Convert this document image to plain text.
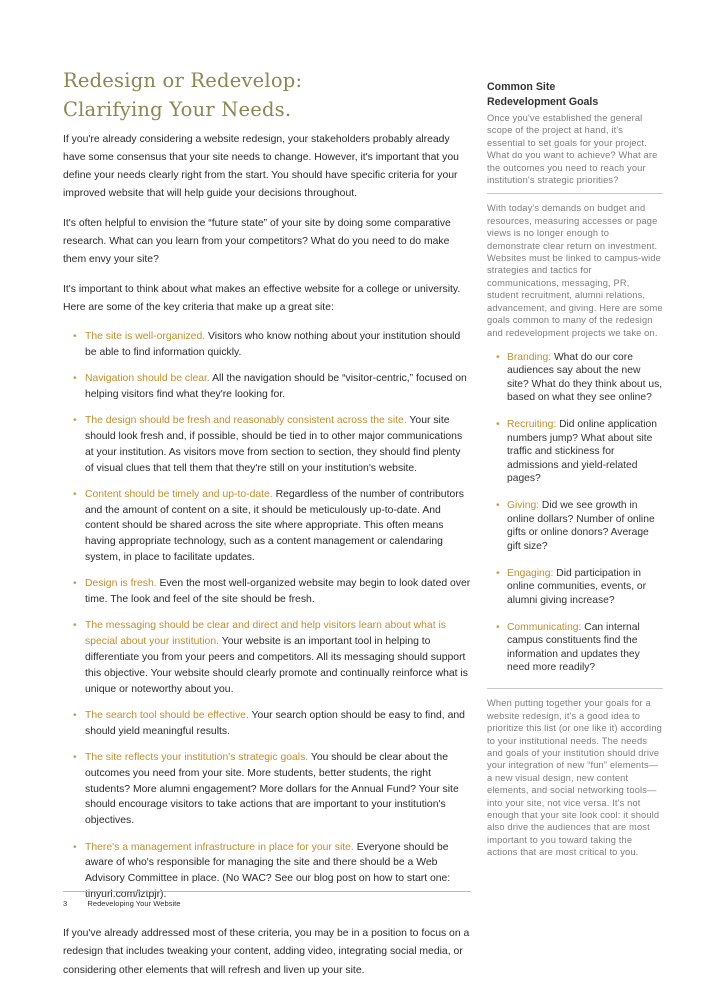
Redesign or Redevelop:
Clarifying Your Needs.

If you're already considering a website redesign, your stakeholders probably already have some consensus that your site needs to change. However, it's important that you define your needs clearly right from the start. You should have specific criteria for your improved website that will help guide your decisions throughout.

It's often helpful to envision the “future state” of your site by doing some comparative research. What can you learn from your competitors? What do you need to do make them envy your site?

It's important to think about what makes an effective website for a college or university. Here are some of the key criteria that make up a great site:

• The site is well-organized. Visitors who know nothing about your institution should be able to find information quickly.
• Navigation should be clear. All the navigation should be “visitor-centric,” focused on helping visitors find what they're looking for.
• The design should be fresh and reasonably consistent across the site. Your site should look fresh and, if possible, should be tied in to other major communications at your institution. As visitors move from section to section, they should find plenty of visual clues that tell them that they're still on your institution's website.
• Content should be timely and up-to-date. Regardless of the number of contributors and the amount of content on a site, it should be meticulously up-to-date. And content should be shared across the site where appropriate. This often means having appropriate technology, such as a content management or calendaring system, in place to facilitate updates.
• Design is fresh. Even the most well-organized website may begin to look dated over time. The look and feel of the site should be fresh.
• The messaging should be clear and direct and help visitors learn about what is special about your institution. Your website is an important tool in helping to differentiate you from your peers and competitors. All its messaging should support this objective. Your website should clearly promote and continually reinforce what is unique or noteworthy about you.
• The search tool should be effective. Your search option should be easy to find, and should yield meaningful results.
• The site reflects your institution's strategic goals. You should be clear about the outcomes you need from your site. More students, better students, the right students? More alumni engagement? More dollars for the Annual Fund? Your site should encourage visitors to take actions that are important to your institution's objectives.
• There's a management infrastructure in place for your site. Everyone should be aware of who's responsible for managing the site and there should be a Web Advisory Committee in place. (No WAC? See our blog post on how to start one: tinyurl.com/lztpjr).

If you've already addressed most of these criteria, you may be in a position to focus on a redesign that includes tweaking your content, adding video, integrating social media, or considering other elements that will refresh and liven up your site.

Common Site
Redevelopment Goals

Once you've established the general scope of the project at hand, it's essential to set goals for your project. What do you want to achieve? What are the outcomes you need to reach your institution's strategic priorities?

With today's demands on budget and resources, measuring accesses or page views is no longer enough to demonstrate clear return on investment. Websites must be linked to campus-wide strategies and tactics for communications, messaging, PR, student recruitment, alumni relations, advancement, and giving. Here are some goals common to many of the redesign and redevelopment projects we take on.

• Branding: What do our core audiences say about the new site? What do they think about us, based on what they see online?
• Recruiting: Did online application numbers jump? What about site traffic and stickiness for admissions and yield-related pages?
• Giving: Did we see growth in online dollars? Number of online gifts or online donors? Average gift size?
• Engaging: Did participation in online communities, events, or alumni giving increase?
• Communicating: Can internal campus constituents find the information and updates they need more readily?

When putting together your goals for a website redesign, it's a good idea to prioritize this list (or one like it) according to your institutional needs. The needs and goals of your institution should drive your integration of new “fun” elements—a new visual design, new content elements, and social networking tools—into your site, not vice versa. It's not enough that your site look cool: it should also drive the audiences that are most important to you toward taking the actions that are most critical to you.

3	Redeveloping Your Website
